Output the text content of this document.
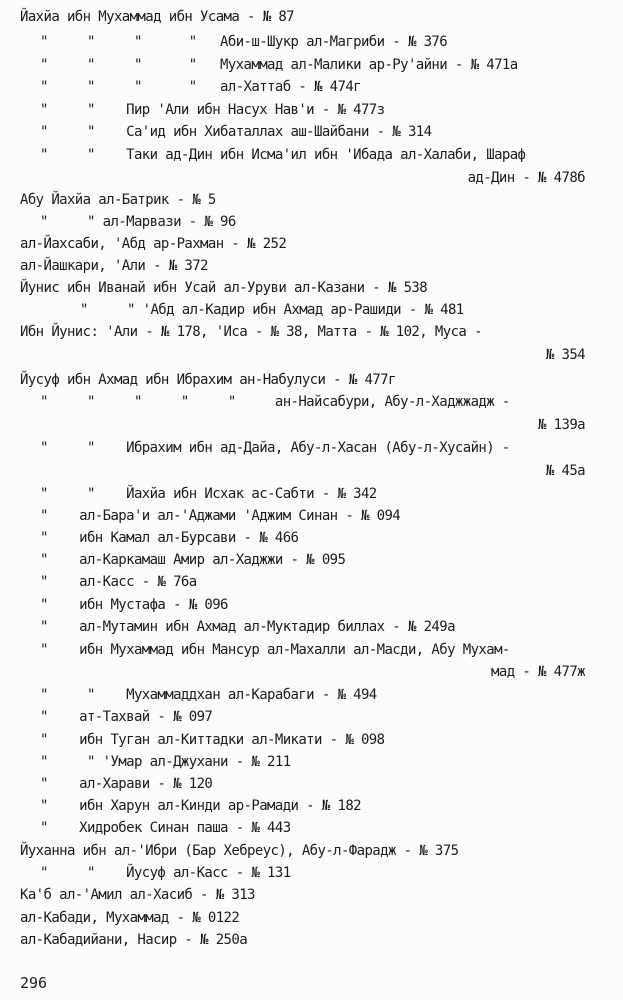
Йахйа ибн Мухаммад ибн Усама - № 87
"     "     "      "   Аби-ш-Шукр ал-Магриби - № 376
"     "     "      "   Мухаммад ал-Малики ар-Ру'айни - № 471а
"     "     "      "   ал-Хаттаб - № 474г
"     "    Пир 'Али ибн Насух Нав'и - № 477з
"     "    Са'ид ибн Хибаталлах аш-Шайбани - № 314
"     "    Таки ад-Дин ибн Исма'ил ибн 'Ибада ал-Халаби, Шараф
ад-Дин - № 478б
Абу Йахйа ал-Батрик - № 5
"     " ал-Марвази - № 96
ал-Йахсаби, 'Абд ар-Рахман - № 252
ал-Йашкари, 'Али - № 372
Йунис ибн Иванай ибн Усай ал-Уруви ал-Казани - № 538
"     " 'Абд ал-Кадир ибн Ахмад ар-Рашиди - № 481
Ибн Йунис: 'Али - № 178, 'Иса - № 38, Матта - № 102, Муса -
№ 354
Йусуф ибн Ахмад ибн Ибрахим ан-Набулуси - № 477г
"     "     "     "     "     ан-Найсабури, Абу-л-Хаджжадж -
№ 139а
"     "    Ибрахим ибн ад-Дайа, Абу-л-Хасан (Абу-л-Хусайн) -
№ 45а
"     "    Йахйа ибн Исхак ас-Сабти - № 342
"    ал-Бара'и ал-'Аджами 'Аджим Синан - № 094
"    ибн Камал ал-Бурсави - № 466
"    ал-Каркамаш Амир ал-Хаджжи - № 095
"    ал-Касс - № 76а
"    ибн Мустафа - № 096
"    ал-Мутамин ибн Ахмад ал-Муктадир биллах - № 249а
"    ибн Мухаммад ибн Мансур ал-Махалли ал-Масди, Абу Мухам-
мад - № 477ж
"     "    Мухаммаддхан ал-Карабаги - № 494
"    ат-Тахвай - № 097
"    ибн Туган ал-Киттадки ал-Микати - № 098
"     " 'Умар ал-Джухани - № 211
"    ал-Харави - № 120
"    ибн Харун ал-Кинди ар-Рамади - № 182
"    Хидробек Синан паша - № 443
Йуханна ибн ал-'Ибри (Бар Хебреус), Абу-л-Фарадж - № 375
"     "    Йусуф ал-Касс - № 131
Ка'б ал-'Амил ал-Хасиб - № 313
ал-Кабади, Мухаммад - № 0122
ал-Кабадийани, Насир - № 250а
296
